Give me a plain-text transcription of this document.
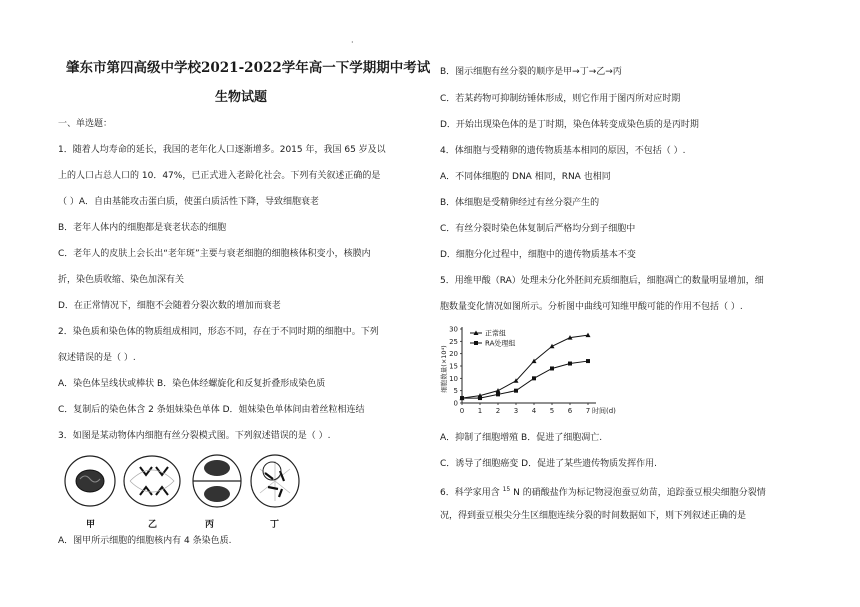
·
肇东市第四高级中学校2021-2022学年高一下学期期中考试
生物试题
一、单选题：
1．随着人均寿命的延长，我国的老年化人口逐渐增多。2015 年，我国 65 岁及以
上的人口占总人口的 10．47%，已正式进入老龄化社会。下列有关叙述正确的是
（ ）A．自由基能攻击蛋白质，使蛋白质活性下降，导致细胞衰老
B．老年人体内的细胞都是衰老状态的细胞
C．老年人的皮肤上会长出“老年斑”主要与衰老细胞的细胞核体积变小，核膜内
折，染色质收缩、染色加深有关
D．在正常情况下，细胞不会随着分裂次数的增加而衰老
2．染色质和染色体的物质组成相同，形态不同，存在于不同时期的细胞中。下列
叙述错误的是（ ）.
A．染色体呈线状或棒状 B．染色体经螺旋化和反复折叠形成染色质
C．复制后的染色体含 2 条姐妹染色单体 D．姐妹染色单体间由着丝粒相连结
3．如图是某动物体内细胞有丝分裂模式图。下列叙述错误的是（ ）.
甲	乙	丙	丁
A．图甲所示细胞的细胞核内有 4 条染色质.
B．图示细胞有丝分裂的顺序是甲→丁→乙→丙
C．若某药物可抑制纺锤体形成，则它作用于图丙所对应时期
D．开始出现染色体的是丁时期，染色体转变成染色质的是丙时期
4．体细胞与受精卵的遗传物质基本相同的原因，不包括（ ）.
A．不同体细胞的 DNA 相同，RNA 也相同
B．体细胞是受精卵经过有丝分裂产生的
C．有丝分裂时染色体复制后严格均分到子细胞中
D．细胞分化过程中，细胞中的遗传物质基本不变
5．用维甲酸（RA）处理未分化外胚间充质细胞后，细胞凋亡的数量明显增加，细
胞数量变化情况如图所示。分析图中曲线可知维甲酸可能的作用不包括（ ）.
0
5
10
15
20
25
30
0 1 2 3 4 5 6 7 时间(d)
细胞数量(×10⁴)
正常组
RA处理组
A．抑制了细胞增殖 B．促进了细胞凋亡.
C．诱导了细胞癌变 D．促进了某些遗传物质发挥作用.
6．科学家用含 $^{15}$ N 的硝酸盐作为标记物浸泡蚕豆幼苗，追踪蚕豆根尖细胞分裂情
况，得到蚕豆根尖分生区细胞连续分裂的时间数据如下，则下列叙述正确的是
